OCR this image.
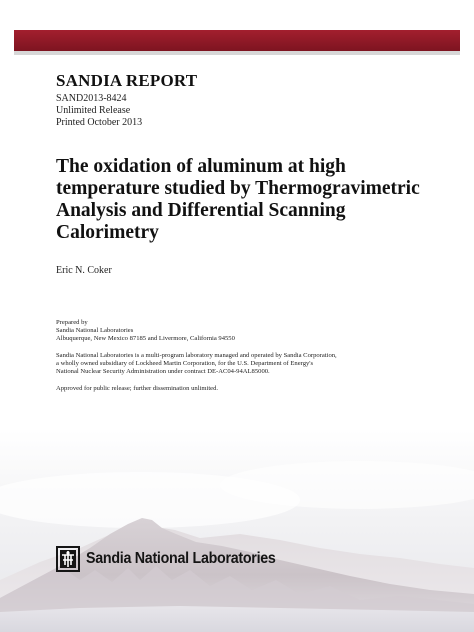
SANDIA REPORT
SAND2013-8424
Unlimited Release
Printed October 2013
The oxidation of aluminum at high
temperature studied by Thermogravimetric
Analysis and Differential Scanning
Calorimetry
Eric N. Coker
Prepared by
Sandia National Laboratories
Albuquerque, New Mexico 87185 and Livermore, California 94550
Sandia National Laboratories is a multi-program laboratory managed and operated by Sandia Corporation,
a wholly owned subsidiary of Lockheed Martin Corporation, for the U.S. Department of Energy's
National Nuclear Security Administration under contract DE-AC04-94AL85000.
Approved for public release; further dissemination unlimited.
Sandia National Laboratories
